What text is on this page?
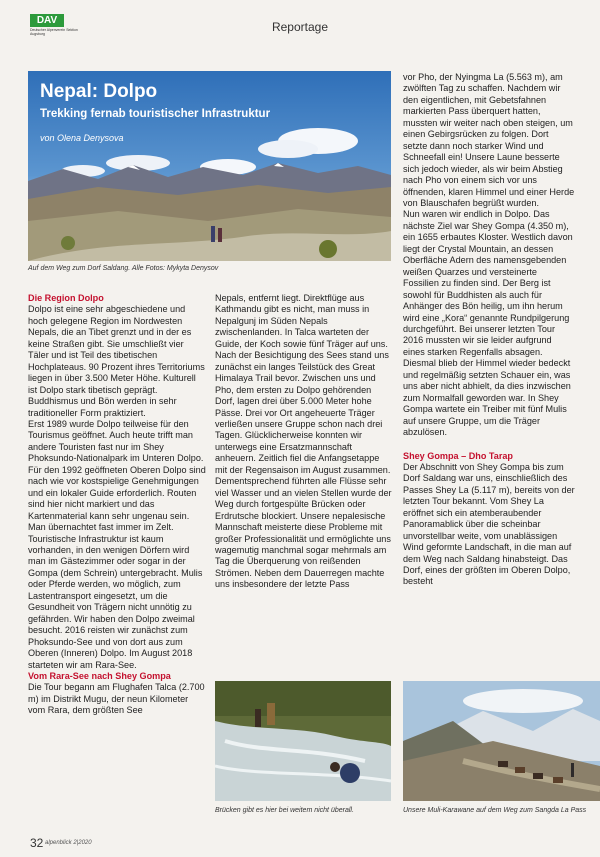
DAV
Deutscher Alpenverein Sektion Augsburg	Reportage
Nepal: Dolpo
Trekking fernab touristischer Infrastruktur
von Olena Denysova
Auf dem Weg zum Dorf Saldang. Alle Fotos: Mykyta Denysov
Die Region Dolpo

Dolpo ist eine sehr abgeschiedene und hoch gelegene Region im Nordwesten Nepals, die an Tibet grenzt und in der es keine Straßen gibt. Sie umschließt vier Täler und ist Teil des tibetischen Hochplateaus. 90 Prozent ihres Territoriums liegen in über 3.500 Meter Höhe. Kulturell ist Dolpo stark tibetisch geprägt. Buddhismus und Bön werden in sehr traditioneller Form praktiziert.

Erst 1989 wurde Dolpo teilweise für den Tourismus geöffnet. Auch heute trifft man andere Touristen fast nur im Shey Phoksundo-Nationalpark im Unteren Dolpo. Für den 1992 geöffneten Oberen Dolpo sind nach wie vor kostspielige Genehmigungen und ein lokaler Guide erforderlich. Routen sind hier nicht markiert und das Kartenmaterial kann sehr ungenau sein. Man übernachtet fast immer im Zelt. Touristische Infrastruktur ist kaum vorhanden, in den wenigen Dörfern wird man im Gästezimmer oder sogar in der Gompa (dem Schrein) untergebracht. Mulis oder Pferde werden, wo möglich, zum Lastentransport eingesetzt, um die Gesundheit von Trägern nicht unnötig zu gefährden. Wir haben den Dolpo zweimal besucht. 2016 reisten wir zunächst zum Phoksundo-See und von dort aus zum Oberen (Inneren) Dolpo. Im August 2018 starteten wir am Rara-See.

Vom Rara-See nach Shey Gompa

Die Tour begann am Flughafen Talca (2.700 m) im Distrikt Mugu, der neun Kilometer vom Rara, dem größten See

Nepals, entfernt liegt. Direktflüge aus Kathmandu gibt es nicht, man muss in Nepalgunj im Süden Nepals zwischenlanden. In Talca warteten der Guide, der Koch sowie fünf Träger auf uns. Nach der Besichtigung des Sees stand uns zunächst ein langes Teilstück des Great Himalaya Trail bevor. Zwischen uns und Pho, dem ersten zu Dolpo gehörenden Dorf, lagen drei über 5.000 Meter hohe Pässe. Drei vor Ort angeheuerte Träger verließen unsere Gruppe schon nach drei Tagen. Glücklicherweise konnten wir unterwegs eine Ersatzmannschaft anheuern. Zeitlich fiel die Anfangsetappe mit der Regensaison im August zusammen. Dementsprechend führten alle Flüsse sehr viel Wasser und an vielen Stellen wurde der Weg durch fortgespülte Brücken oder Erdrutsche blockiert. Unsere nepalesische Mannschaft meisterte diese Probleme mit großer Professionalität und ermöglichte uns wagemutig manchmal sogar mehrmals am Tag die Überquerung von reißenden Strömen. Neben dem Dauerregen machte uns insbesondere der letzte Pass

Brücken gibt es hier bei weitem nicht überall.

vor Pho, der Nyingma La (5.563 m), am zwölften Tag zu schaffen. Nachdem wir den eigentlichen, mit Gebetsfahnen markierten Pass überquert hatten, mussten wir weiter nach oben steigen, um einen Gebirgsrücken zu folgen. Dort setzte dann noch starker Wind und Schneefall ein! Unsere Laune besserte sich jedoch wieder, als wir beim Abstieg nach Pho von einem sich vor uns öffnenden, klaren Himmel und einer Herde von Blauschafen begrüßt wurden.

Nun waren wir endlich in Dolpo. Das nächste Ziel war Shey Gompa (4.350 m), ein 1655 erbautes Kloster. Westlich davon liegt der Crystal Mountain, an dessen Oberfläche Adern des namensgebenden weißen Quarzes und versteinerte Fossilien zu finden sind. Der Berg ist sowohl für Buddhisten als auch für Anhänger des Bön heilig, um ihn herum wird eine „Kora“ genannte Rundpilgerung durchgeführt. Bei unserer letzten Tour 2016 mussten wir sie leider aufgrund eines starken Regenfalls absagen. Diesmal blieb der Himmel wieder bedeckt und regelmäßig setzten Schauer ein, was uns aber nicht abhielt, da dies inzwischen zum Normalfall geworden war. In Shey Gompa wartete ein Treiber mit fünf Mulis auf unsere Gruppe, um die Träger abzulösen.

Shey Gompa – Dho Tarap

Der Abschnitt von Shey Gompa bis zum Dorf Saldang war uns, einschließlich des Passes Shey La (5.117 m), bereits von der letzten Tour bekannt. Vom Shey La eröffnet sich ein atemberaubender Panoramablick über die scheinbar unvorstellbar weite, vom unablässigen Wind geformte Landschaft, in die man auf dem Weg nach Saldang hinabsteigt. Das Dorf, eines der größten im Oberen Dolpo, besteht

Unsere Muli-Karawane auf dem Weg zum Sangda La Pass
32 alpenblick 2|2020
